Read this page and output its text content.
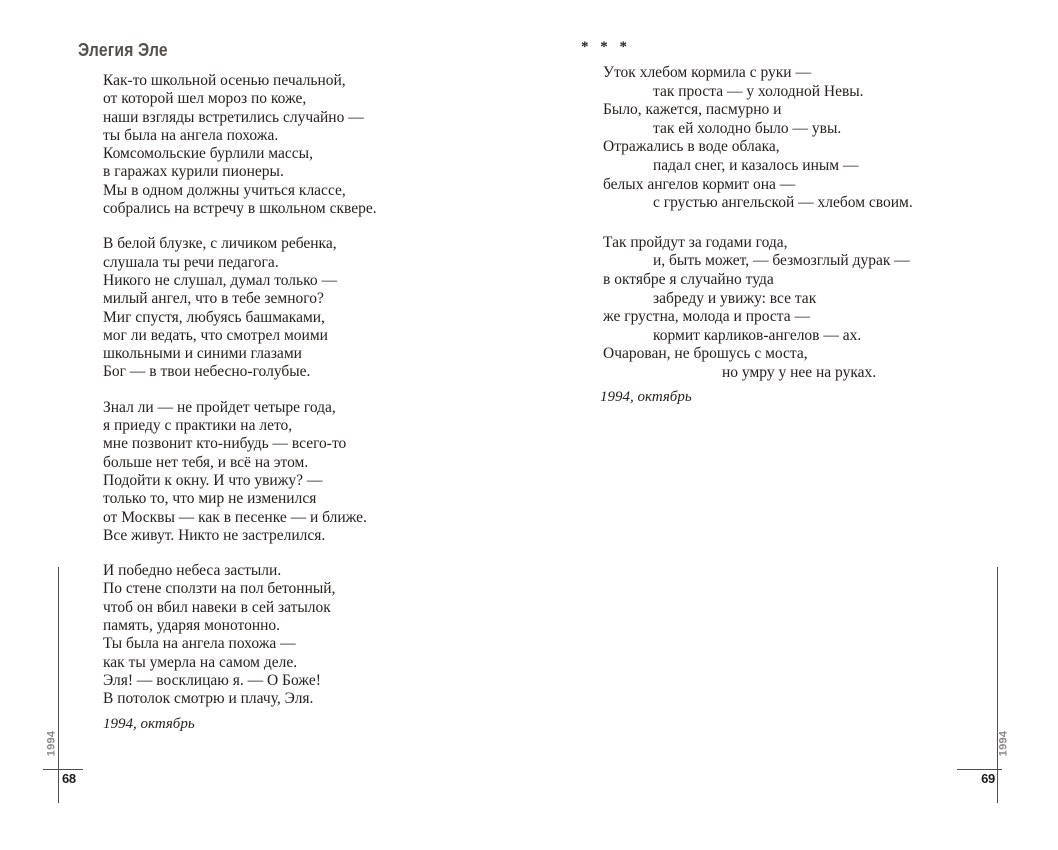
Элегия Эле
Как-то школьной осенью печальной,
от которой шел мороз по коже,
наши взгляды встретились случайно —
ты была на ангела похожа.
Комсомольские бурлили массы,
в гаражах курили пионеры.
Мы в одном должны учиться классе,
собрались на встречу в школьном сквере.
В белой блузке, с личиком ребенка,
слушала ты речи педагога.
Никого не слушал, думал только —
милый ангел, что в тебе земного?
Миг спустя, любуясь башмаками,
мог ли ведать, что смотрел моими
школьными и синими глазами
Бог — в твои небесно-голубые.
Знал ли — не пройдет четыре года,
я приеду с практики на лето,
мне позвонит кто-нибудь — всего-то
больше нет тебя, и всё на этом.
Подойти к окну. И что увижу? —
только то, что мир не изменился
от Москвы — как в песенке — и ближе.
Все живут. Никто не застрелился.
И победно небеса застыли.
По стене сползти на пол бетонный,
чтоб он вбил навеки в сей затылок
память, ударяя монотонно.
Ты была на ангела похожа —
как ты умерла на самом деле.
Эля! — восклицаю я. — О Боже!
В потолок смотрю и плачу, Эля.
1994, октябрь
1994
68
* * *
Уток хлебом кормила с руки —
так проста — у холодной Невы.
Было, кажется, пасмурно и
так ей холодно было — увы.
Отражались в воде облака,
падал снег, и казалось иным —
белых ангелов кормит она —
с грустью ангельской — хлебом своим.
Так пройдут за годами года,
и, быть может, — безмозглый дурак —
в октябре я случайно туда
забреду и увижу: все так
же грустна, молода и проста —
кормит карликов-ангелов — ах.
Очарован, не брошусь с моста,
но умру у нее на руках.
1994, октябрь
1994
69
